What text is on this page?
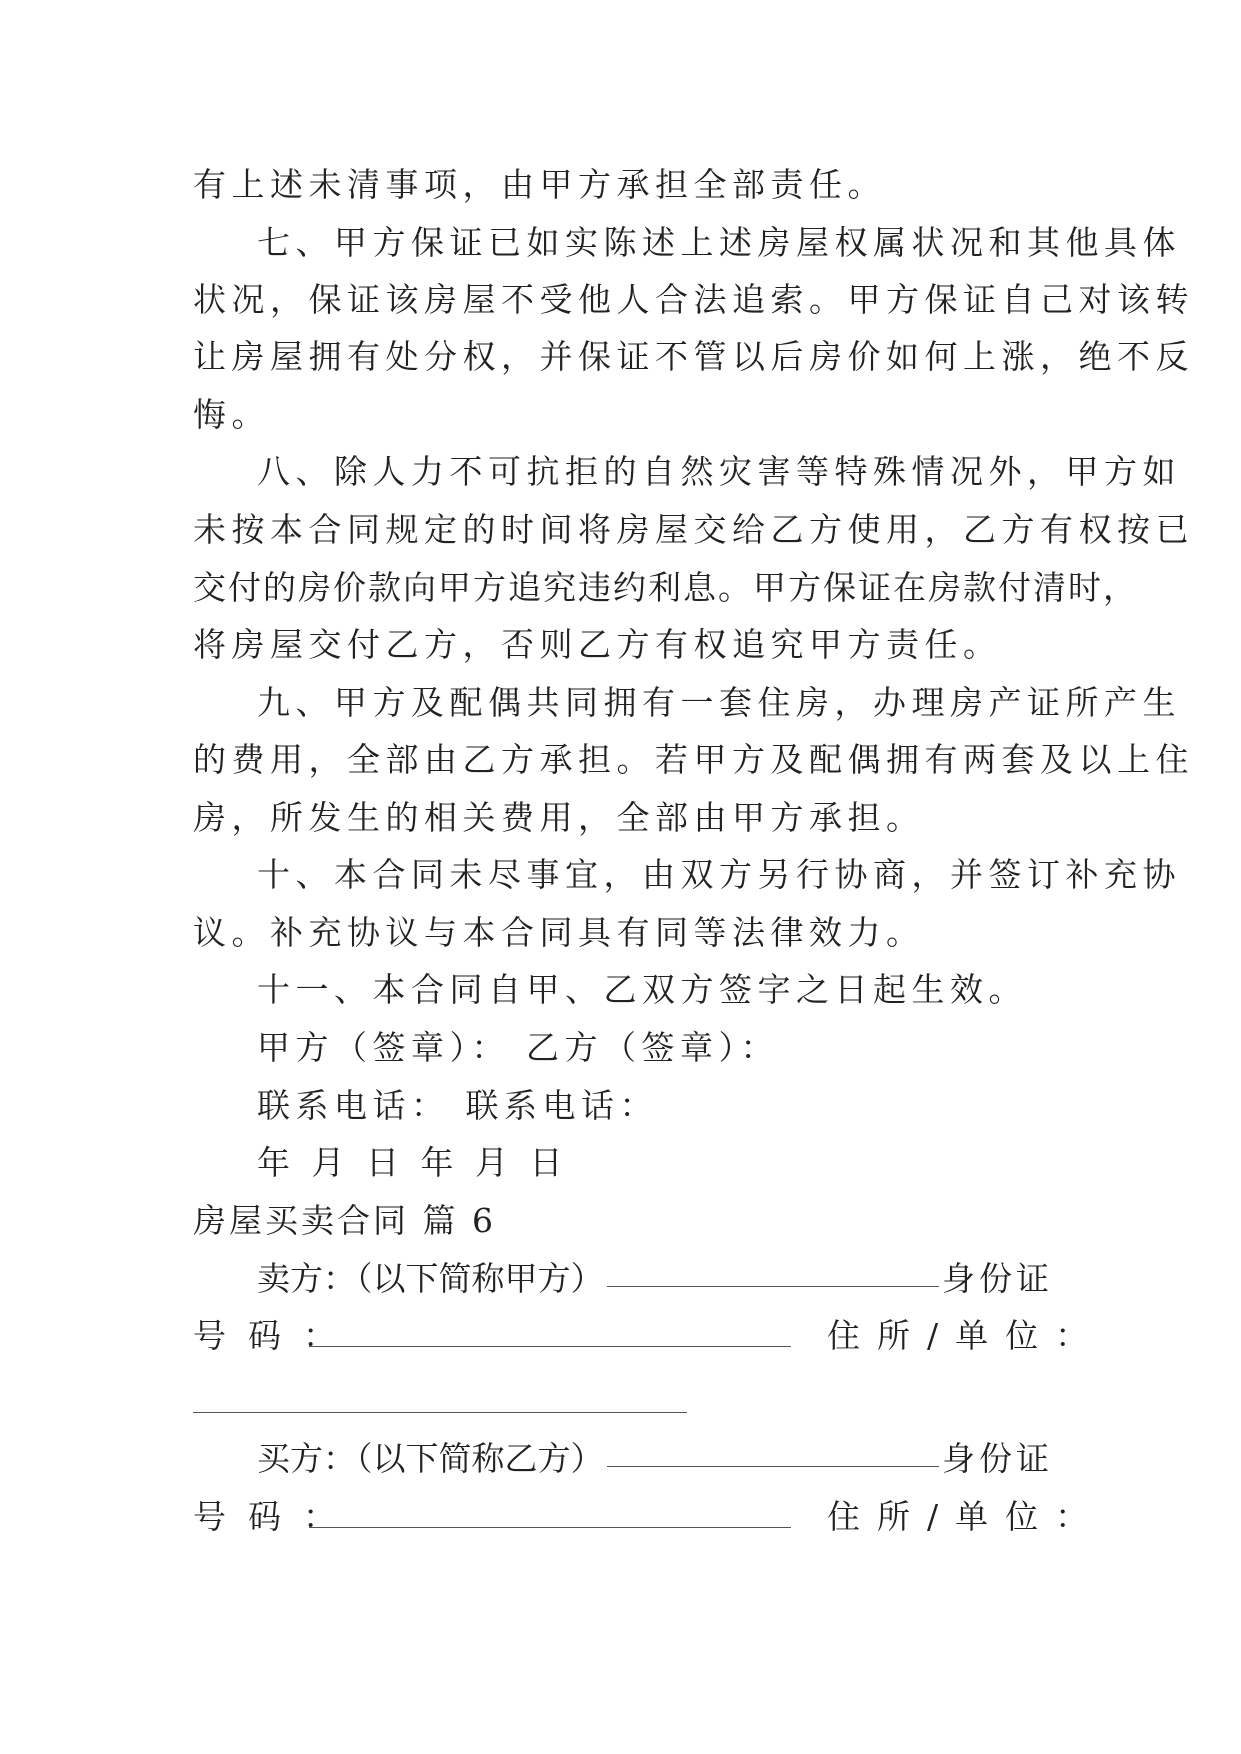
有上述未清事项，由甲方承担全部责任。
七、甲方保证已如实陈述上述房屋权属状况和其他具体
状况，保证该房屋不受他人合法追索。甲方保证自己对该转
让房屋拥有处分权，并保证不管以后房价如何上涨，绝不反
悔。
八、除人力不可抗拒的自然灾害等特殊情况外，甲方如
未按本合同规定的时间将房屋交给乙方使用，乙方有权按已
交付的房价款向甲方追究违约利息。甲方保证在房款付清时，
将房屋交付乙方，否则乙方有权追究甲方责任。
九、甲方及配偶共同拥有一套住房，办理房产证所产生
的费用，全部由乙方承担。若甲方及配偶拥有两套及以上住
房，所发生的相关费用，全部由甲方承担。
十、本合同未尽事宜，由双方另行协商，并签订补充协
议。补充协议与本合同具有同等法律效力。
十一、本合同自甲、乙双方签字之日起生效。
甲方（签章）： 乙方（签章）：
联系电话： 联系电话：
年 月 日 年 月 日
房屋买卖合同 篇 6
卖方：（以下简称甲方）	身份证
号码：	住所/单位：
买方：（以下简称乙方）	身份证
号码：	住所/单位：
